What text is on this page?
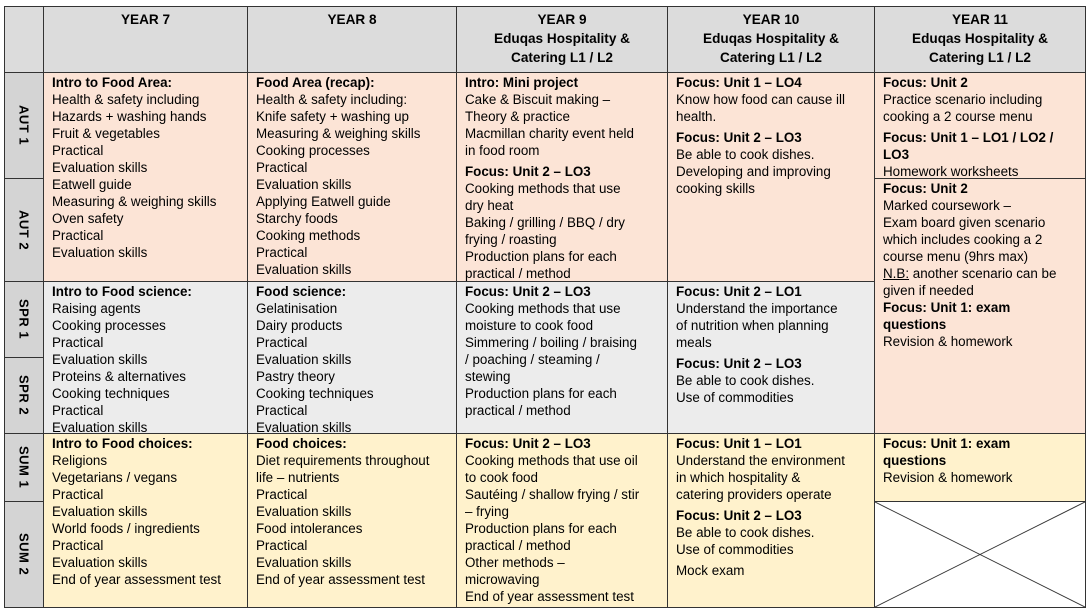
YEAR 7	YEAR 8	YEAR 9
Eduqas Hospitality &
Catering L1 / L2
YEAR 10
Eduqas Hospitality &
Catering L1 / L2
YEAR 11
Eduqas Hospitality &
Catering L1 / L2
AUT 1
AUT 2
SPR 1
SPR 2
SUM 1
SUM 2
Intro to Food Area:
Health & safety including
Hazards + washing hands
Fruit & vegetables
Practical
Evaluation skills
Eatwell guide
Measuring & weighing skills
Oven safety
Practical
Evaluation skills
Food Area (recap):
Health & safety including:
Knife safety + washing up
Measuring & weighing skills
Cooking processes
Practical
Evaluation skills
Applying Eatwell guide
Starchy foods
Cooking methods
Practical
Evaluation skills
Intro: Mini project
Cake & Biscuit making –
Theory & practice
Macmillan charity event held
in food room
Focus: Unit 2 – LO3
Cooking methods that use
dry heat
Baking / grilling / BBQ / dry
frying / roasting
Production plans for each
practical / method
Focus: Unit 1 – LO4
Know how food can cause ill
health.
Focus: Unit 2 – LO3
Be able to cook dishes.
Developing and improving
cooking skills
Focus: Unit 2
Practice scenario including
cooking a 2 course menu
Focus: Unit 1 – LO1 / LO2 /
LO3
Homework worksheets
Focus: Unit 2
Marked coursework –
Exam board given scenario
which includes cooking a 2
course menu (9hrs max)
N.B: another scenario can be
given if needed
Focus: Unit 1: exam
questions
Revision & homework
Intro to Food science:
Raising agents
Cooking processes
Practical
Evaluation skills
Proteins & alternatives
Cooking techniques
Practical
Evaluation skills
Food science:
Gelatinisation
Dairy products
Practical
Evaluation skills
Pastry theory
Cooking techniques
Practical
Evaluation skills
Focus: Unit 2 – LO3
Cooking methods that use
moisture to cook food
Simmering / boiling / braising
/ poaching / steaming /
stewing
Production plans for each
practical / method
Focus: Unit 2 – LO1
Understand the importance
of nutrition when planning
meals
Focus: Unit 2 – LO3
Be able to cook dishes.
Use of commodities
Intro to Food choices:
Religions
Vegetarians / vegans
Practical
Evaluation skills
World foods / ingredients
Practical
Evaluation skills
End of year assessment test
Food choices:
Diet requirements throughout
life – nutrients
Practical
Evaluation skills
Food intolerances
Practical
Evaluation skills
End of year assessment test
Focus: Unit 2 – LO3
Cooking methods that use oil
to cook food
Sautéing / shallow frying / stir
– frying
Production plans for each
practical / method
Other methods –
microwaving
End of year assessment test
Focus: Unit 1 – LO1
Understand the environment
in which hospitality &
catering providers operate
Focus: Unit 2 – LO3
Be able to cook dishes.
Use of commodities
Mock exam
Focus: Unit 1: exam
questions
Revision & homework
